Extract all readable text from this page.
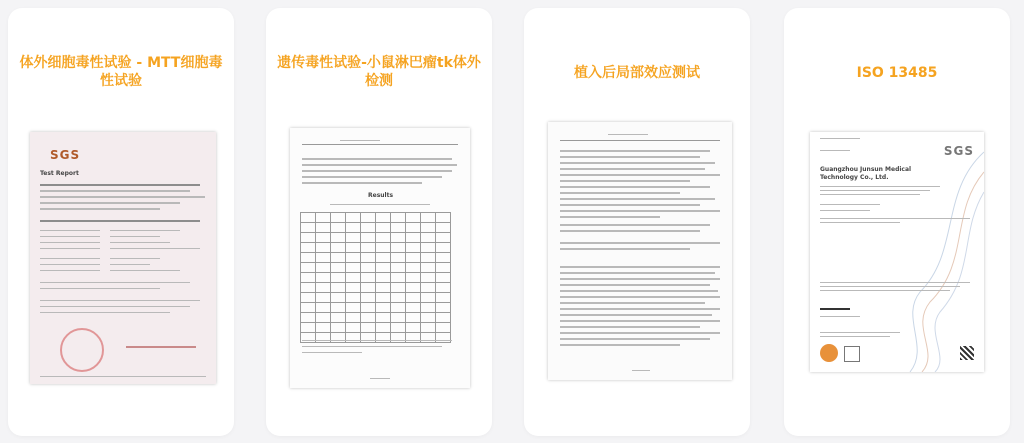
体外细胞毒性试验 - MTT细胞毒性试验
SGS
Test Report
遗传毒性试验-小鼠淋巴瘤tk体外检测
Results

植入后局部效应测试	ISO 13485
SGS
Guangzhou Junsun Medical
Technology Co., Ltd.
